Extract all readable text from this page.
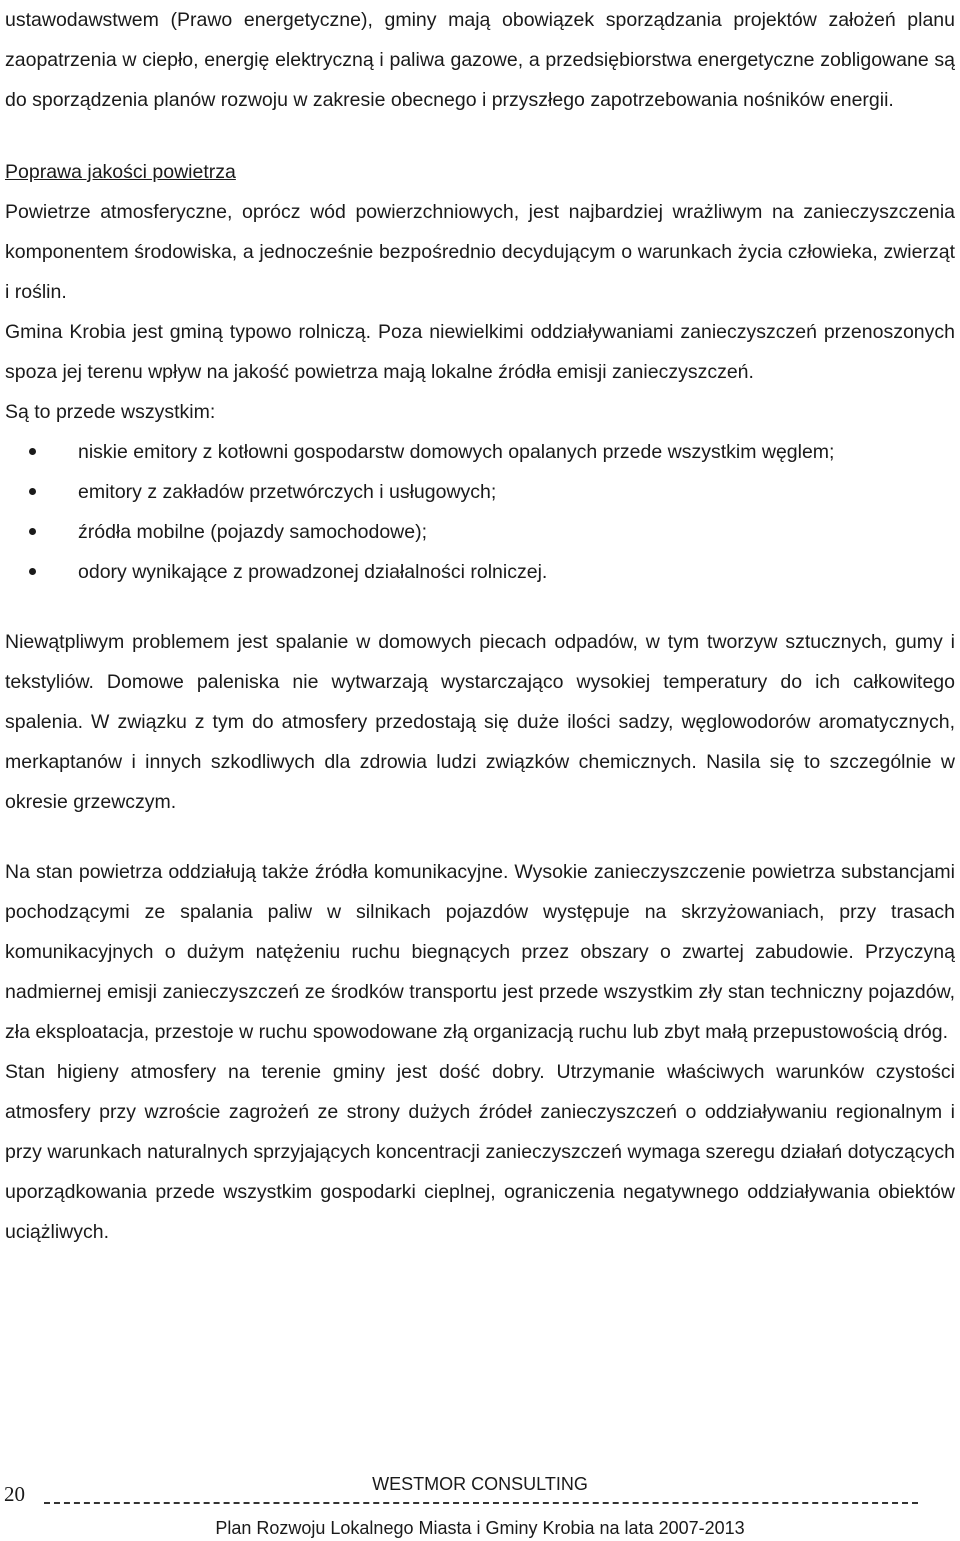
ustawodawstwem (Prawo energetyczne), gminy mają obowiązek sporządzania projektów założeń planu zaopatrzenia w ciepło, energię elektryczną i paliwa gazowe, a przedsiębiorstwa energetyczne zobligowane są do sporządzenia planów rozwoju w zakresie obecnego i przyszłego zapotrzebowania nośników energii.

Poprawa jakości powietrza

Powietrze atmosferyczne, oprócz wód powierzchniowych, jest najbardziej wrażliwym na zanieczyszczenia komponentem środowiska, a jednocześnie bezpośrednio decydującym o warunkach życia człowieka, zwierząt i roślin.

Gmina Krobia jest gminą typowo rolniczą. Poza niewielkimi oddziaływaniami zanieczyszczeń przenoszonych spoza jej terenu wpływ na jakość powietrza mają lokalne źródła emisji zanieczyszczeń.

Są to przede wszystkim:

niskie emitory z kotłowni gospodarstw domowych opalanych przede wszystkim węglem;
emitory z zakładów przetwórczych i usługowych;
źródła mobilne (pojazdy samochodowe);
odory wynikające z prowadzonej działalności rolniczej.

Niewątpliwym problemem jest spalanie w domowych piecach odpadów, w tym tworzyw sztucznych, gumy i tekstyliów. Domowe paleniska nie wytwarzają wystarczająco wysokiej temperatury do ich całkowitego spalenia. W związku z tym do atmosfery przedostają się duże ilości sadzy, węglowodorów aromatycznych, merkaptanów i innych szkodliwych dla zdrowia ludzi związków chemicznych. Nasila się to szczególnie w okresie grzewczym.

Na stan powietrza oddziałują także źródła komunikacyjne. Wysokie zanieczyszczenie powietrza substancjami pochodzącymi ze spalania paliw w silnikach pojazdów występuje na skrzyżowaniach, przy trasach komunikacyjnych o dużym natężeniu ruchu biegnących przez obszary o zwartej zabudowie. Przyczyną nadmiernej emisji zanieczyszczeń ze środków transportu jest przede wszystkim zły stan techniczny pojazdów, zła eksploatacja, przestoje w ruchu spowodowane złą organizacją ruchu lub zbyt małą przepustowością dróg.

Stan higieny atmosfery na terenie gminy jest dość dobry. Utrzymanie właściwych warunków czystości atmosfery przy wzroście zagrożeń ze strony dużych źródeł zanieczyszczeń o oddziaływaniu regionalnym i przy warunkach naturalnych sprzyjających koncentracji zanieczyszczeń wymaga szeregu działań dotyczących uporządkowania przede wszystkim gospodarki cieplnej, ograniczenia negatywnego oddziaływania obiektów uciążliwych.

20	WESTMOR CONSULTING
Plan Rozwoju Lokalnego Miasta i Gminy Krobia na lata 2007-2013
